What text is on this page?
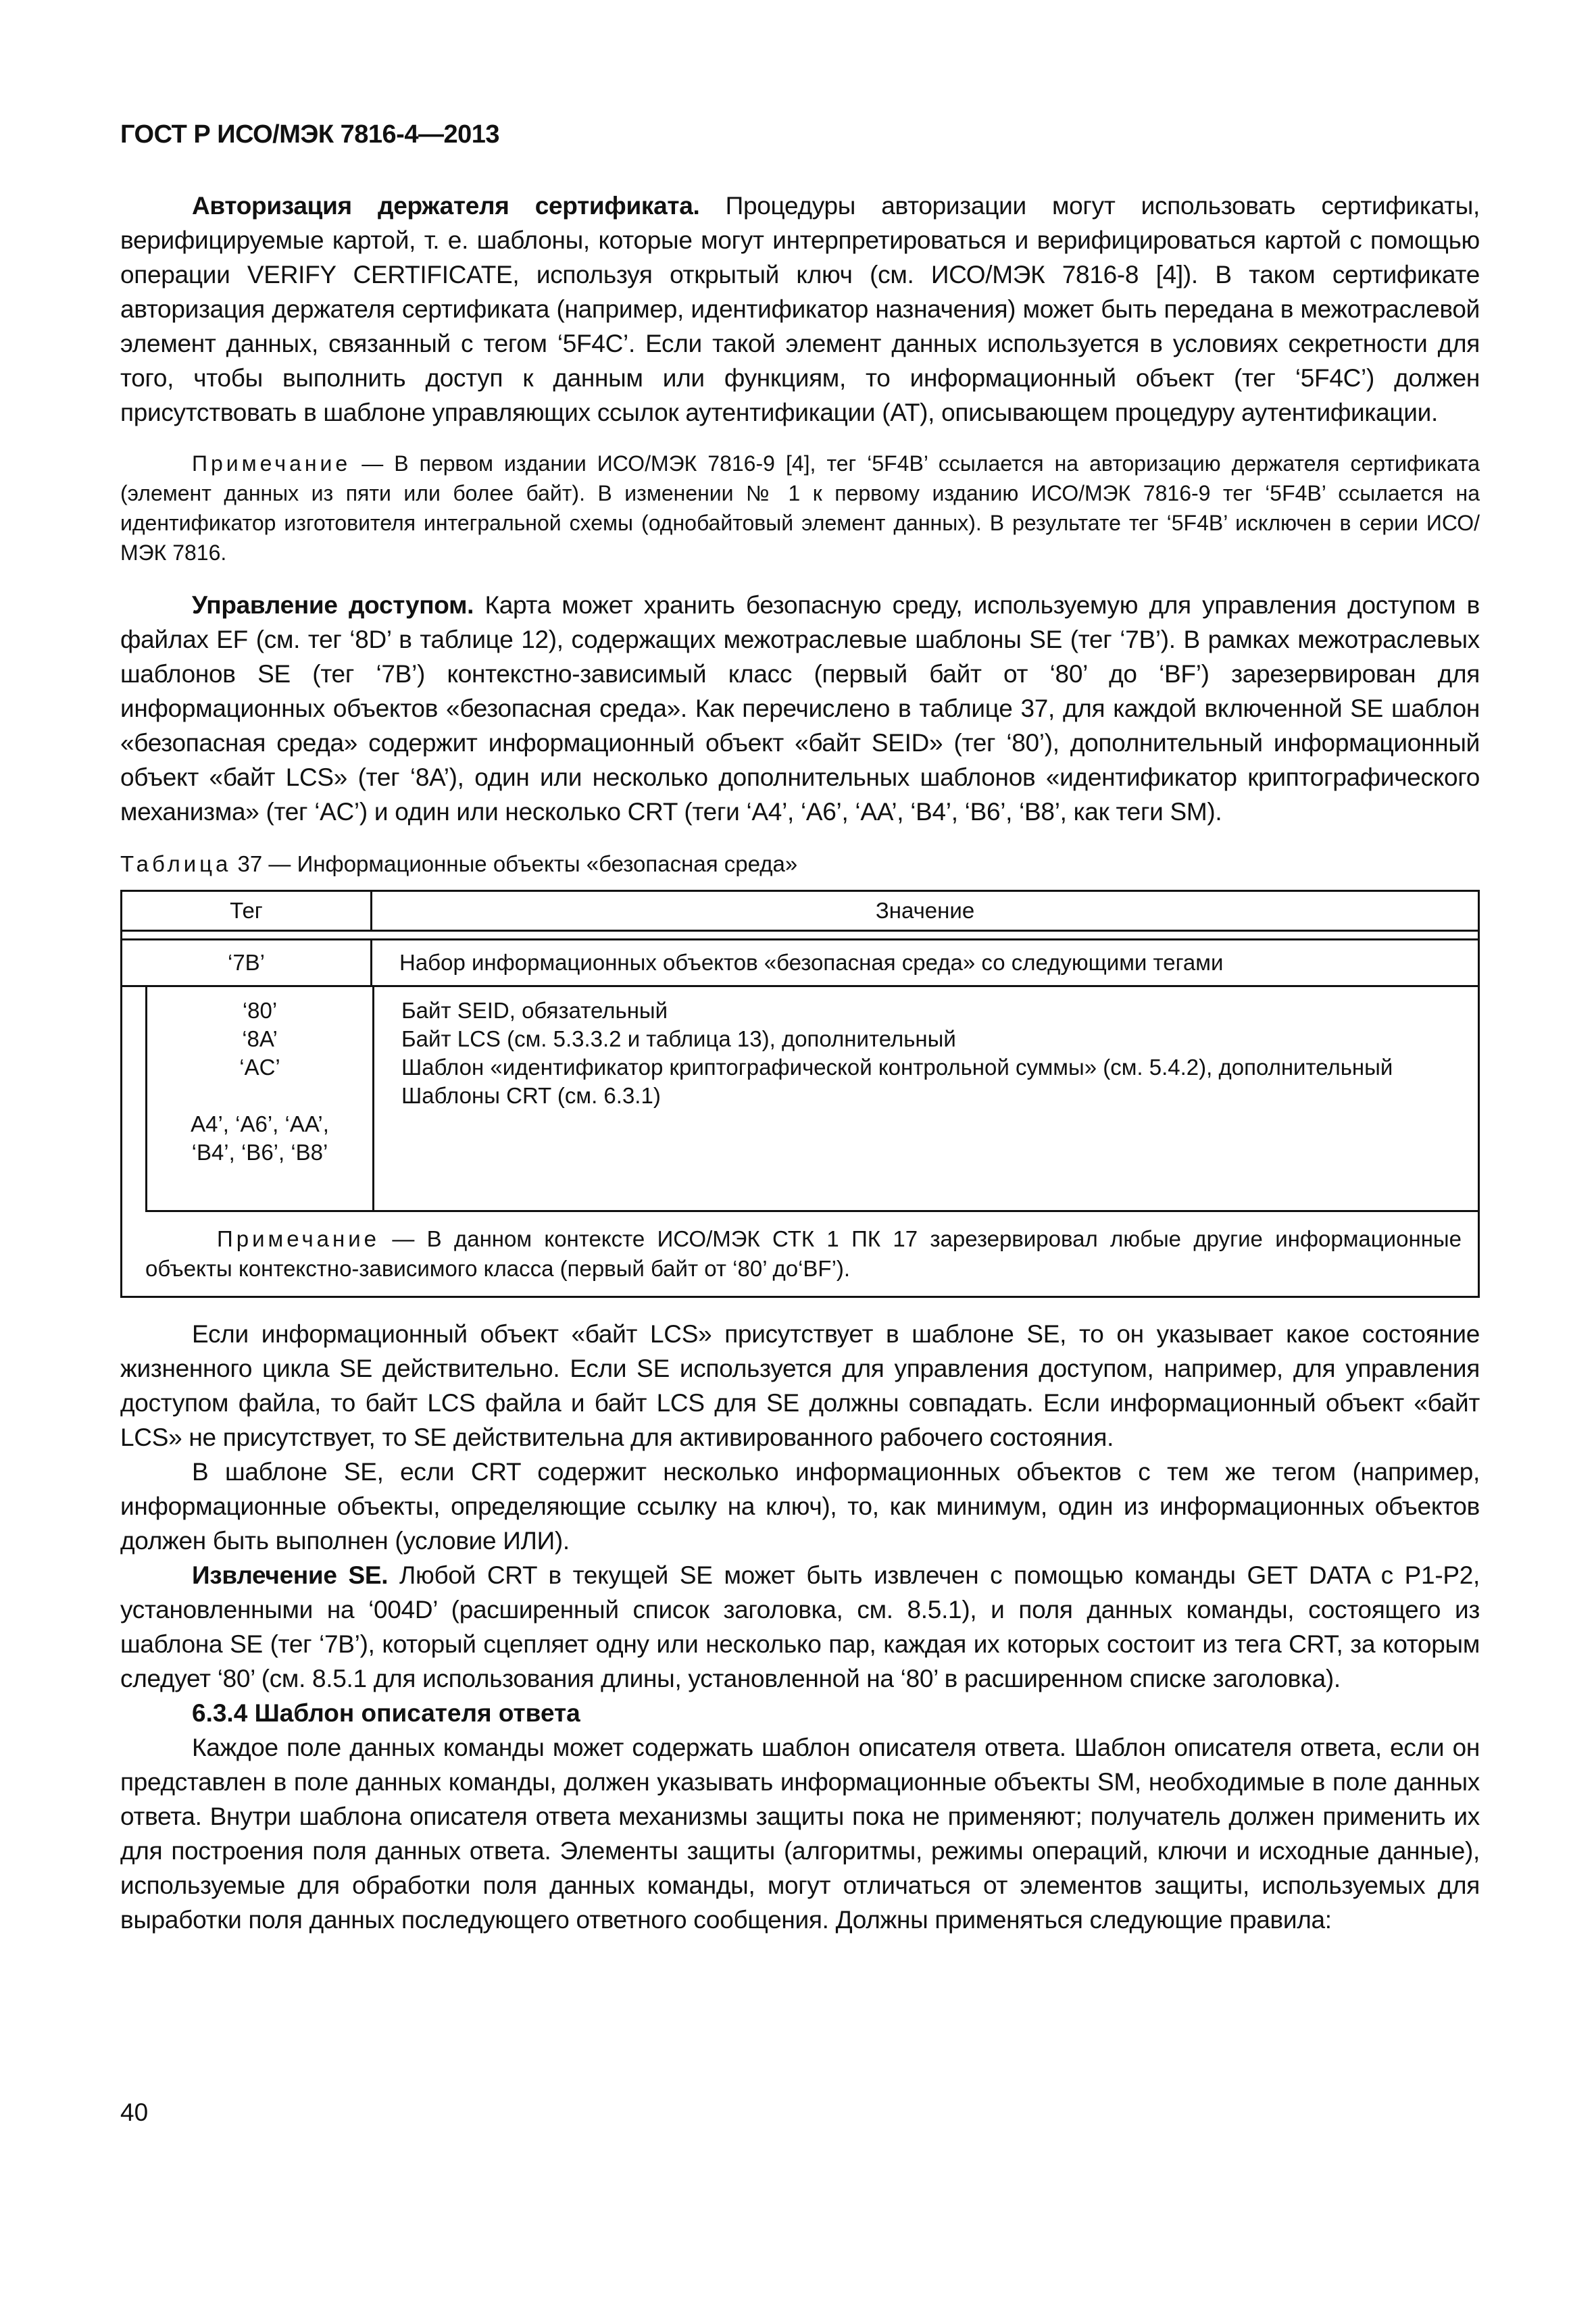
ГОСТ Р ИСО/МЭК 7816-4—2013

Авторизация держателя сертификата. Процедуры авторизации могут использовать сертификаты, верифицируемые картой, т. е. шаблоны, которые могут интерпретироваться и верифицироваться картой с помощью операции VERIFY CERTIFICATE, используя открытый ключ (см. ИСО/МЭК 7816-8 [4]). В таком сертификате авторизация держателя сертификата (например, идентификатор назначения) может быть передана в межотраслевой элемент данных, связанный с тегом ‘5F4C’. Если такой элемент данных используется в условиях секретности для того, чтобы выполнить доступ к данным или функциям, то информационный объект (тег ‘5F4C’) должен присутствовать в шаблоне управляющих ссылок аутентификации (AT), описывающем процедуру аутентификации.

Примечание — В первом издании ИСО/МЭК 7816-9 [4], тег ‘5F4B’ ссылается на авторизацию держателя сертификата (элемент данных из пяти или более байт). В изменении № 1 к первому изданию ИСО/МЭК 7816-9 тег ‘5F4B’ ссылается на идентификатор изготовителя интегральной схемы (однобайтовый элемент данных). В результате тег ‘5F4B’ исключен в серии ИСО/МЭК 7816.

Управление доступом. Карта может хранить безопасную среду, используемую для управления доступом в файлах EF (см. тег ‘8D’ в таблице 12), содержащих межотраслевые шаблоны SE (тег ‘7B’). В рамках межотраслевых шаблонов SE (тег ‘7B’) контекстно-зависимый класс (первый байт от ‘80’ до ‘BF’) зарезервирован для информационных объектов «безопасная среда». Как перечислено в таблице 37, для каждой включенной SE шаблон «безопасная среда» содержит информационный объект «байт SEID» (тег ‘80’), дополнительный информационный объект «байт LCS» (тег ‘8A’), один или несколько дополнительных шаблонов «идентификатор криптографического механизма» (тег ‘AC’) и один или несколько CRT (теги ‘A4’, ‘A6’, ‘AA’, ‘B4’, ‘B6’, ‘B8’, как теги SM).

Таблица 37 — Информационные объекты «безопасная среда»
Тег	Значение
‘7B’	Набор информационных объектов «безопасная среда» со следующими тегами
‘80’
‘8A’
‘AC’
A4’, ‘A6’, ‘AA’,
‘B4’, ‘B6’, ‘B8’
Байт SEID, обязательный
Байт LCS (см. 5.3.3.2 и таблица 13), дополнительный
Шаблон «идентификатор криптографической контрольной суммы» (см. 5.4.2), дополнительный
Шаблоны CRT (см. 6.3.1)
Примечание — В данном контексте ИСО/МЭК СТК 1 ПК 17 зарезервировал любые другие информационные объекты контекстно-зависимого класса (первый байт от ‘80’ до‘BF’).

Если информационный объект «байт LCS» присутствует в шаблоне SE, то он указывает какое состояние жизненного цикла SE действительно. Если SE используется для управления доступом, например, для управления доступом файла, то байт LCS файла и байт LCS для SE должны совпадать. Если информационный объект «байт LCS» не присутствует, то SE действительна для активированного рабочего состояния.

В шаблоне SE, если CRT содержит несколько информационных объектов с тем же тегом (например, информационные объекты, определяющие ссылку на ключ), то, как минимум, один из информационных объектов должен быть выполнен (условие ИЛИ).

Извлечение SE. Любой CRT в текущей SE может быть извлечен с помощью команды GET DATA с P1-P2, установленными на ‘004D’ (расширенный список заголовка, см. 8.5.1), и поля данных команды, состоящего из шаблона SE (тег ‘7B’), который сцепляет одну или несколько пар, каждая их которых состоит из тега CRT, за которым следует ‘80’ (см. 8.5.1 для использования длины, установленной на ‘80’ в расширенном списке заголовка).

6.3.4 Шаблон описателя ответа

Каждое поле данных команды может содержать шаблон описателя ответа. Шаблон описателя ответа, если он представлен в поле данных команды, должен указывать информационные объекты SM, необходимые в поле данных ответа. Внутри шаблона описателя ответа механизмы защиты пока не применяют; получатель должен применить их для построения поля данных ответа. Элементы защиты (алгоритмы, режимы операций, ключи и исходные данные), используемые для обработки поля данных команды, могут отличаться от элементов защиты, используемых для выработки поля данных последующего ответного сообщения. Должны применяться следующие правила:

40
